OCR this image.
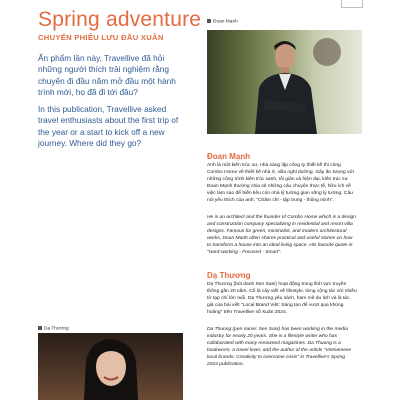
Spring adventure
CHUYẾN PHIÊU LƯU ĐẦU XUÂN
Ấn phẩm lần này, Travellive đã hỏi những người thích trải nghiệm rằng chuyến đi đầu năm mở đầu một hành trình mới, họ đã đi tới đâu?
In this publication, Travellive asked travel enthusiasts about the first trip of the year or a start to kick off a new journey. Where did they go?
Đoan Mạnh
Đoan Mạnh
Anh là một kiến trúc sư, nhà sáng lập công ty thiết kế thi công Combo Home về thiết kế nhà ở, villa nghỉ dưỡng. Gây ấn tượng với những công trình kiến trúc xanh, tối giản và hiện đại, kiến trúc sư Đoan Mạnh thường chia sẻ những câu chuyện thực tế, hữu ích về việc làm sao để biến tiêu cón nhà lý tưởng gian sống lý tưởng. Câu nói yêu thích của anh: "Chăm chỉ - tập trung - thông minh".
He is an architect and the founder of Combo Home which is a design and construction company specializing in residential and resort villa designs. Famous for green, minimalist, and modern architectural works, Doan Manh often shares practical and useful stories on how to transform a house into an ideal living space. His favorite quote is: "Hard-working - Focused - Smart".
Dạ Thương
Dạ Thương (bút danh Sen Sani) hoạt động trong lĩnh vực truyền thông gần 20 năm. Cô là cây viết về lifestyle, từng cộng tác với nhiều tờ tạp chí lớn tuổi. Dạ Thương yêu sách, ham mê du lịch và là tác giả của bài viết "Local Brand Việt: Sáng tạo để vượt qua khủng hoảng" trên Travellive số Xuân 2024.
Da Thuong (pen name: Sen Sani) has been working in the media industry for nearly 20 years. She is a lifestyle writer who has collaborated with many renowned magazines. Da Thuong is a bookworm, a travel lover, and the author of the article "Vietnamese local brands: Creativity to overcome crisis" in Travellive's Spring 2024 publication.
Dạ Thương
